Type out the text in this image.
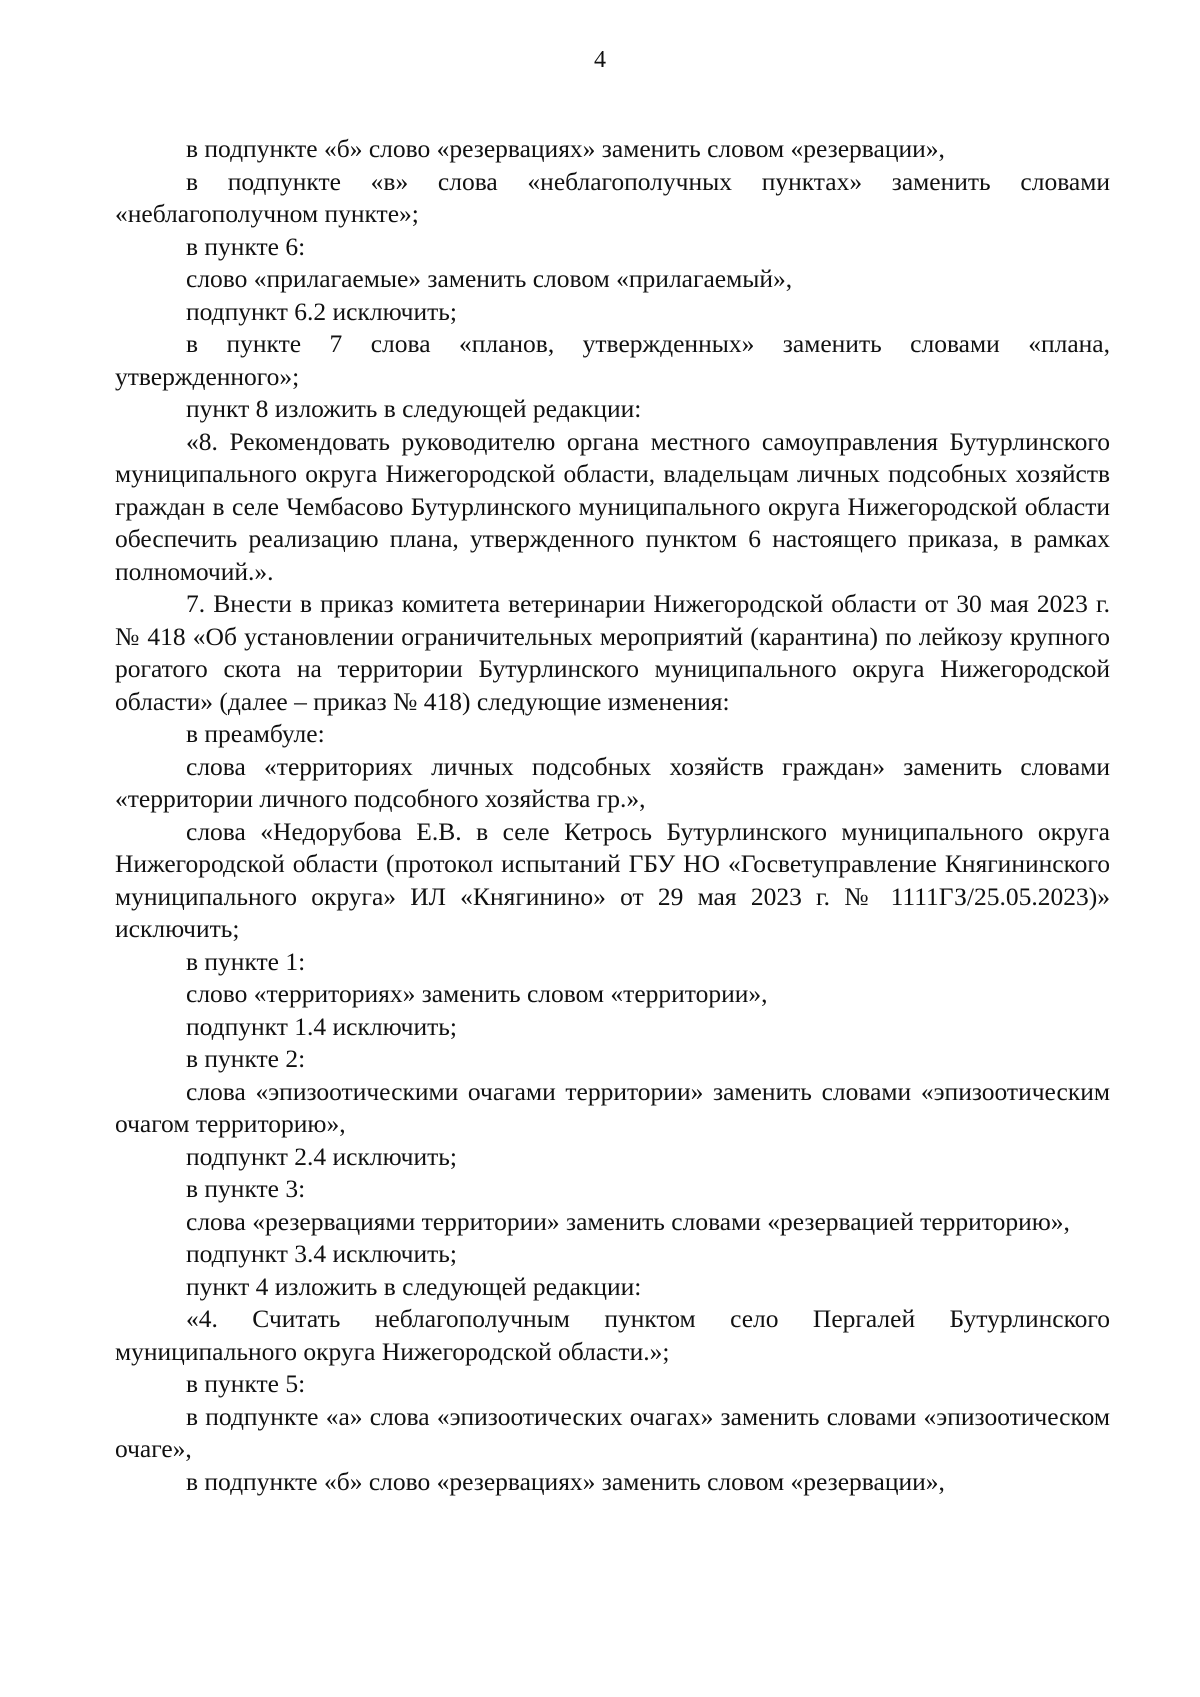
4

в подпункте «б» слово «резервациях» заменить словом «резервации»,

в подпункте «в» слова «неблагополучных пунктах» заменить словами «неблагополучном пункте»;

в пункте 6:

слово «прилагаемые» заменить словом «прилагаемый»,

подпункт 6.2 исключить;

в пункте 7 слова «планов, утвержденных» заменить словами «плана, утвержденного»;

пункт 8 изложить в следующей редакции:

«8. Рекомендовать руководителю органа местного самоуправления Бутурлинского муниципального округа Нижегородской области, владельцам личных подсобных хозяйств граждан в селе Чембасово Бутурлинского муниципального округа Нижегородской области обеспечить реализацию плана, утвержденного пунктом 6 настоящего приказа, в рамках полномочий.».

7. Внести в приказ комитета ветеринарии Нижегородской области от 30 мая 2023 г. № 418 «Об установлении ограничительных мероприятий (карантина) по лейкозу крупного рогатого скота на территории Бутурлинского муниципального округа Нижегородской области» (далее – приказ № 418) следующие изменения:

в преамбуле:

слова «территориях личных подсобных хозяйств граждан» заменить словами «территории личного подсобного хозяйства гр.»,

слова «Недорубова Е.В. в селе Кетрось Бутурлинского муниципального округа Нижегородской области (протокол испытаний ГБУ НО «Госветуправление Княгининского муниципального округа» ИЛ «Княгинино» от 29 мая 2023 г. № 1111ГЗ/25.05.2023)» исключить;

в пункте 1:

слово «территориях» заменить словом «территории»,

подпункт 1.4 исключить;

в пункте 2:

слова «эпизоотическими очагами территории» заменить словами «эпизоотическим очагом территорию»,

подпункт 2.4 исключить;

в пункте 3:

слова «резервациями территории» заменить словами «резервацией территорию»,

подпункт 3.4 исключить;

пункт 4 изложить в следующей редакции:

«4. Считать неблагополучным пунктом село Пергалей Бутурлинского муниципального округа Нижегородской области.»;

в пункте 5:

в подпункте «а» слова «эпизоотических очагах» заменить словами «эпизоотическом очаге»,

в подпункте «б» слово «резервациях» заменить словом «резервации»,
